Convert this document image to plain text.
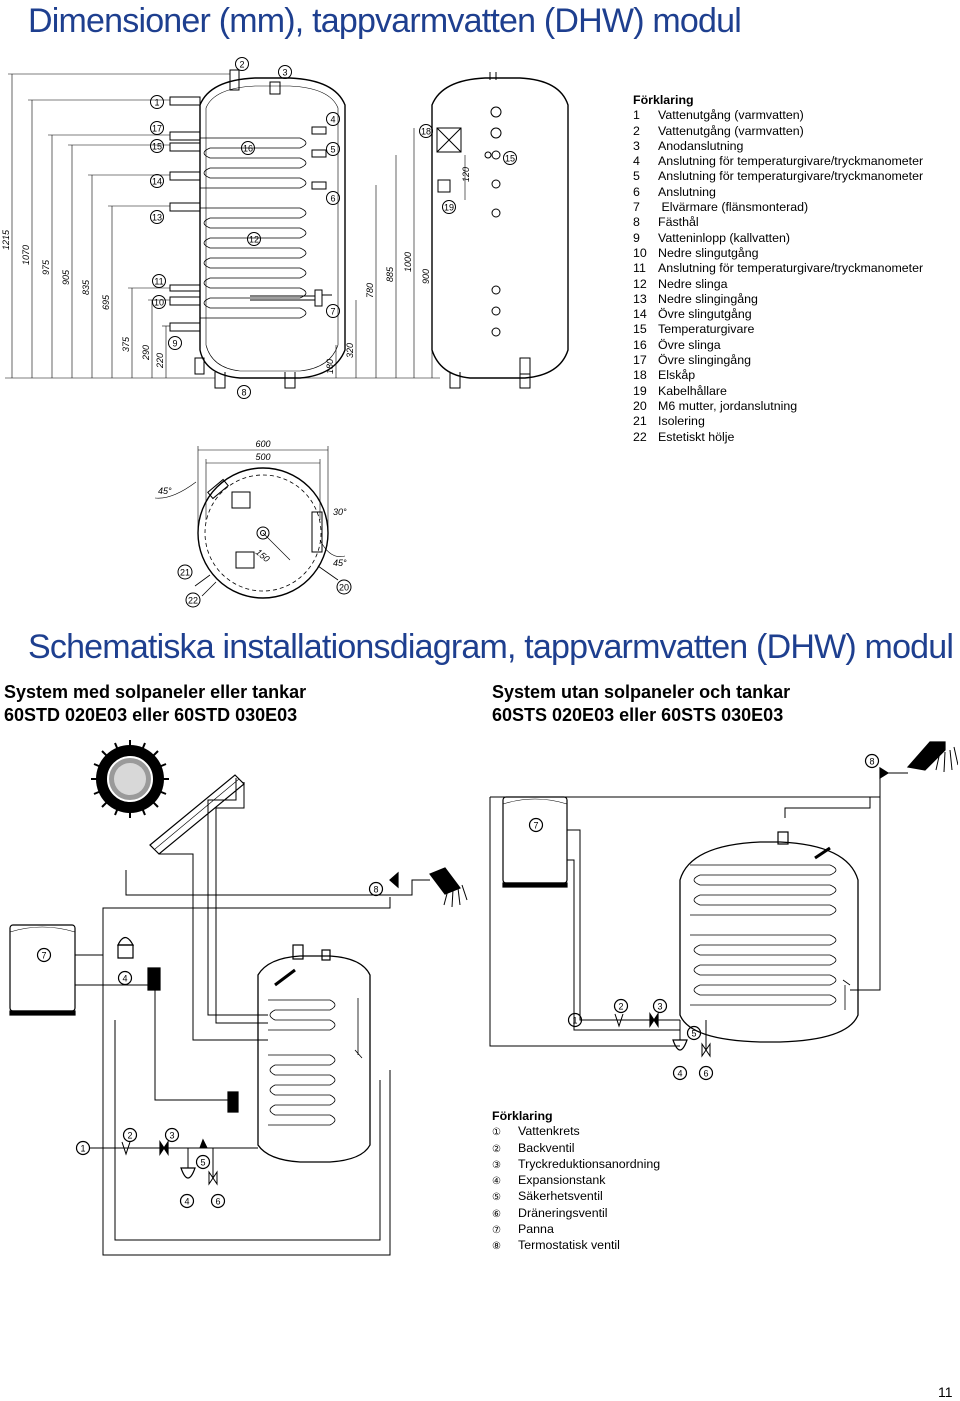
Dimensioner (mm), tappvarmvatten (DHW) modul
Schematiska installationsdiagram, tappvarmvatten (DHW) modul
Förklaring
1 Vattenutgång (varmvatten)
2 Vattenutgång (varmvatten)
3 Anodanslutning
4 Anslutning för temperaturgivare/tryckmanometer
5 Anslutning för temperaturgivare/tryckmanometer
6 Anslutning
7 Elvärmare (flänsmonterad)
8 Fästhål
9 Vatteninlopp (kallvatten)
10 Nedre slingutgång
11 Anslutning för temperaturgivare/tryckmanometer
12 Nedre slinga
13 Nedre slingingång
14 Övre slingutgång
15 Temperaturgivare
16 Övre slinga
17 Övre slingingång
18 Elskåp
19 Kabelhållare
20 M6 mutter, jordanslutning
21 Isolering
22 Estetiskt hölje
System med solpaneler eller tankar
60STD 020E03 eller 60STD 030E03
System utan solpaneler och tankar
60STS 020E03 eller 60STS 030E03
Förklaring
① Vattenkrets
② Backventil
③ Tryckreduktionsanordning
④ Expansionstank
⑤ Säkerhetsventil
⑥ Dräneringsventil
⑦ Panna
⑧ Termostatisk ventil
11
1215
1070
975
905
835
695
375
290
220	180
320
780
885
1000
900
120
1
17
15
14
13
11
10
9
2
3
16
12
8
4
5
6
7
18
19
15
600
500
45°
45°
30°
150
21
22
20
8
7
4
1
2	3
5
4	6
8
7
2	3
1
5
4 6
